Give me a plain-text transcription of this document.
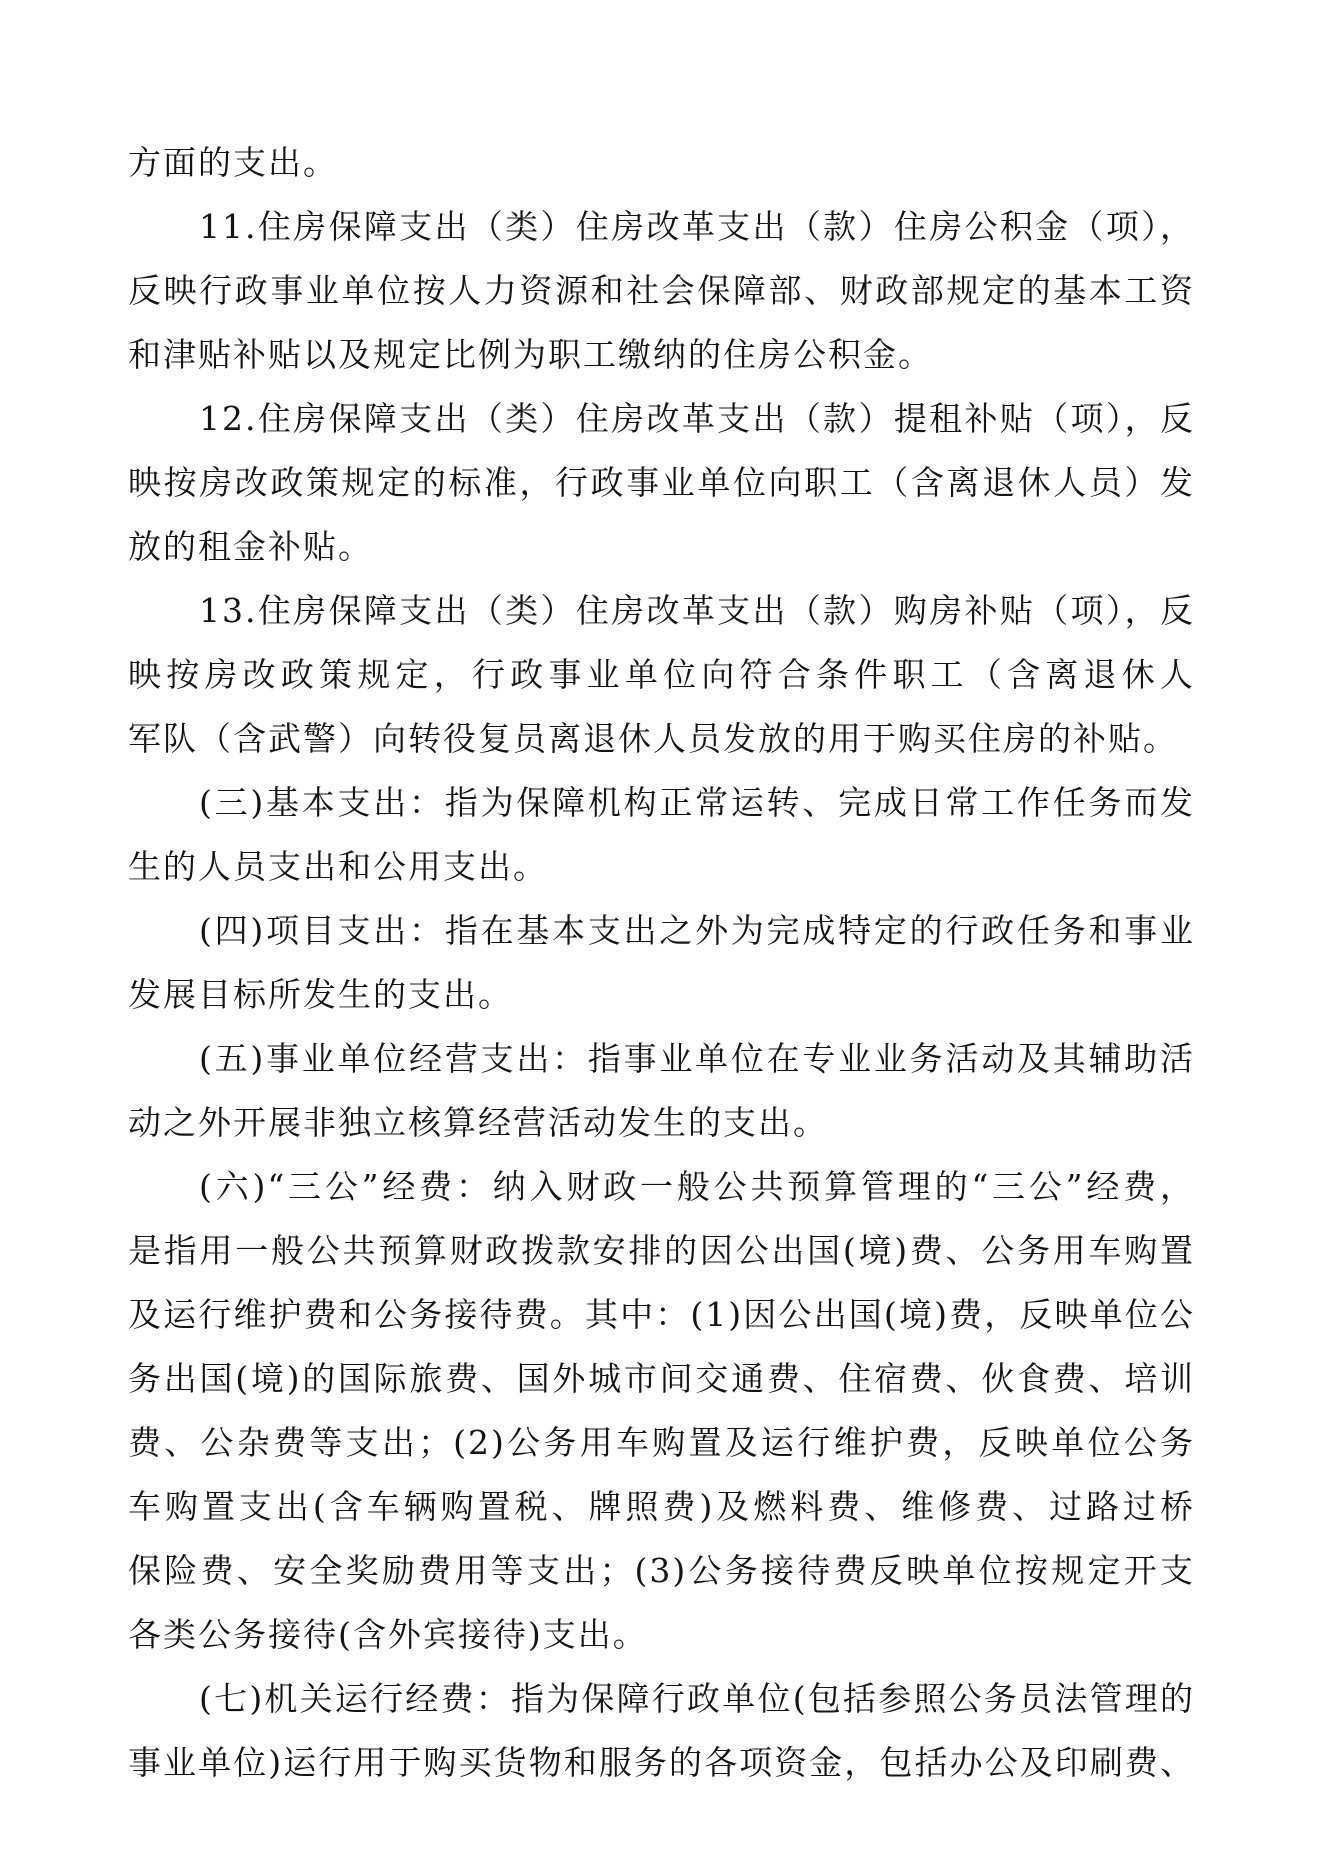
方面的支出。
11.住房保障支出（类）住房改革支出（款）住房公积金（项），
反映行政事业单位按人力资源和社会保障部、财政部规定的基本工资
和津贴补贴以及规定比例为职工缴纳的住房公积金。
12.住房保障支出（类）住房改革支出（款）提租补贴（项），反
映按房改政策规定的标准，行政事业单位向职工（含离退休人员）发
放的租金补贴。
13.住房保障支出（类）住房改革支出（款）购房补贴（项），反
映按房改政策规定，行政事业单位向符合条件职工（含离退休人
军队（含武警）向转役复员离退休人员发放的用于购买住房的补贴。
(三)基本支出：指为保障机构正常运转、完成日常工作任务而发
生的人员支出和公用支出。
(四)项目支出：指在基本支出之外为完成特定的行政任务和事业
发展目标所发生的支出。
(五)事业单位经营支出：指事业单位在专业业务活动及其辅助活
动之外开展非独立核算经营活动发生的支出。
(六)“三公”经费：纳入财政一般公共预算管理的“三公”经费，
是指用一般公共预算财政拨款安排的因公出国(境)费、公务用车购置
及运行维护费和公务接待费。其中：(1)因公出国(境)费，反映单位公
务出国(境)的国际旅费、国外城市间交通费、住宿费、伙食费、培训
费、公杂费等支出；(2)公务用车购置及运行维护费，反映单位公务
车购置支出(含车辆购置税、牌照费)及燃料费、维修费、过路过桥
保险费、安全奖励费用等支出；(3)公务接待费反映单位按规定开支
各类公务接待(含外宾接待)支出。
(七)机关运行经费：指为保障行政单位(包括参照公务员法管理的
事业单位)运行用于购买货物和服务的各项资金，包括办公及印刷费、
